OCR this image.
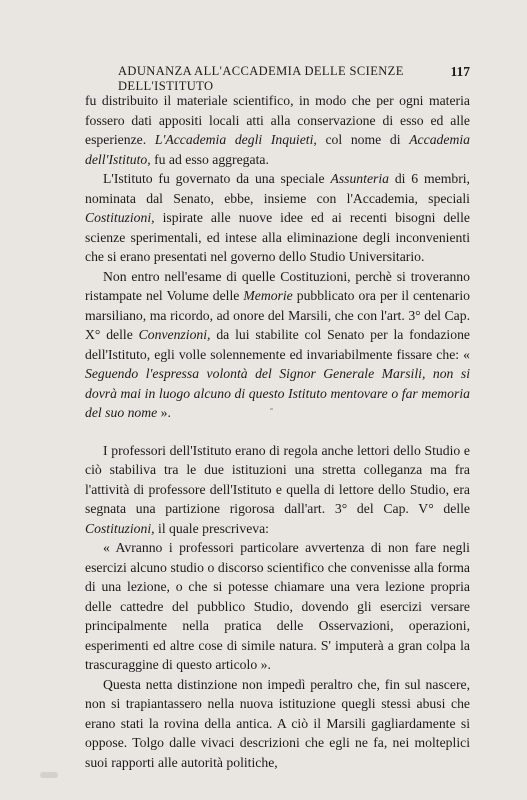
ADUNANZA ALL'ACCADEMIA DELLE SCIENZE DELL'ISTITUTO
117

fu distribuito il materiale scientifico, in modo che per ogni materia fossero dati appositi locali atti alla conservazione di esso ed alle esperienze. L'Accademia degli Inquieti, col nome di Accademia dell'Istituto, fu ad esso aggregata.

L'Istituto fu governato da una speciale Assunteria di 6 membri, nominata dal Senato, ebbe, insieme con l'Accademia, speciali Costituzioni, ispirate alle nuove idee ed ai recenti bisogni delle scienze sperimentali, ed intese alla eliminazione degli inconvenienti che si erano presentati nel governo dello Studio Universitario.

Non entro nell'esame di quelle Costituzioni, perchè si troveranno ristampate nel Volume delle Memorie pubblicato ora per il centenario marsiliano, ma ricordo, ad onore del Marsili, che con l'art. 3° del Cap. X° delle Convenzioni, da lui stabilite col Senato per la fondazione dell'Istituto, egli volle solennemente ed invariabilmente fissare che: « Seguendo l'espressa volontà del Signor Generale Marsili, non si dovrà mai in luogo alcuno di questo Istituto mentovare o far memoria del suo nome ».

I professori dell'Istituto erano di regola anche lettori dello Studio e ciò stabiliva tra le due istituzioni una stretta colleganza ma fra l'attività di professore dell'Istituto e quella di lettore dello Studio, era segnata una partizione rigorosa dall'art. 3° del Cap. V° delle Costituzioni, il quale prescriveva:

« Avranno i professori particolare avvertenza di non fare negli esercizi alcuno studio o discorso scientifico che convenisse alla forma di una lezione, o che si potesse chiamare una vera lezione propria delle cattedre del pubblico Studio, dovendo gli esercizi versare principalmente nella pratica delle Osservazioni, operazioni, esperimenti ed altre cose di simile natura. S' imputerà a gran colpa la trascuraggine di questo articolo ».

Questa netta distinzione non impedì peraltro che, fin sul nascere, non si trapiantassero nella nuova istituzione quegli stessi abusi che erano stati la rovina della antica. A ciò il Marsili gagliardamente si oppose. Tolgo dalle vivaci descrizioni che egli ne fa, nei molteplici suoi rapporti alle autorità politiche,
